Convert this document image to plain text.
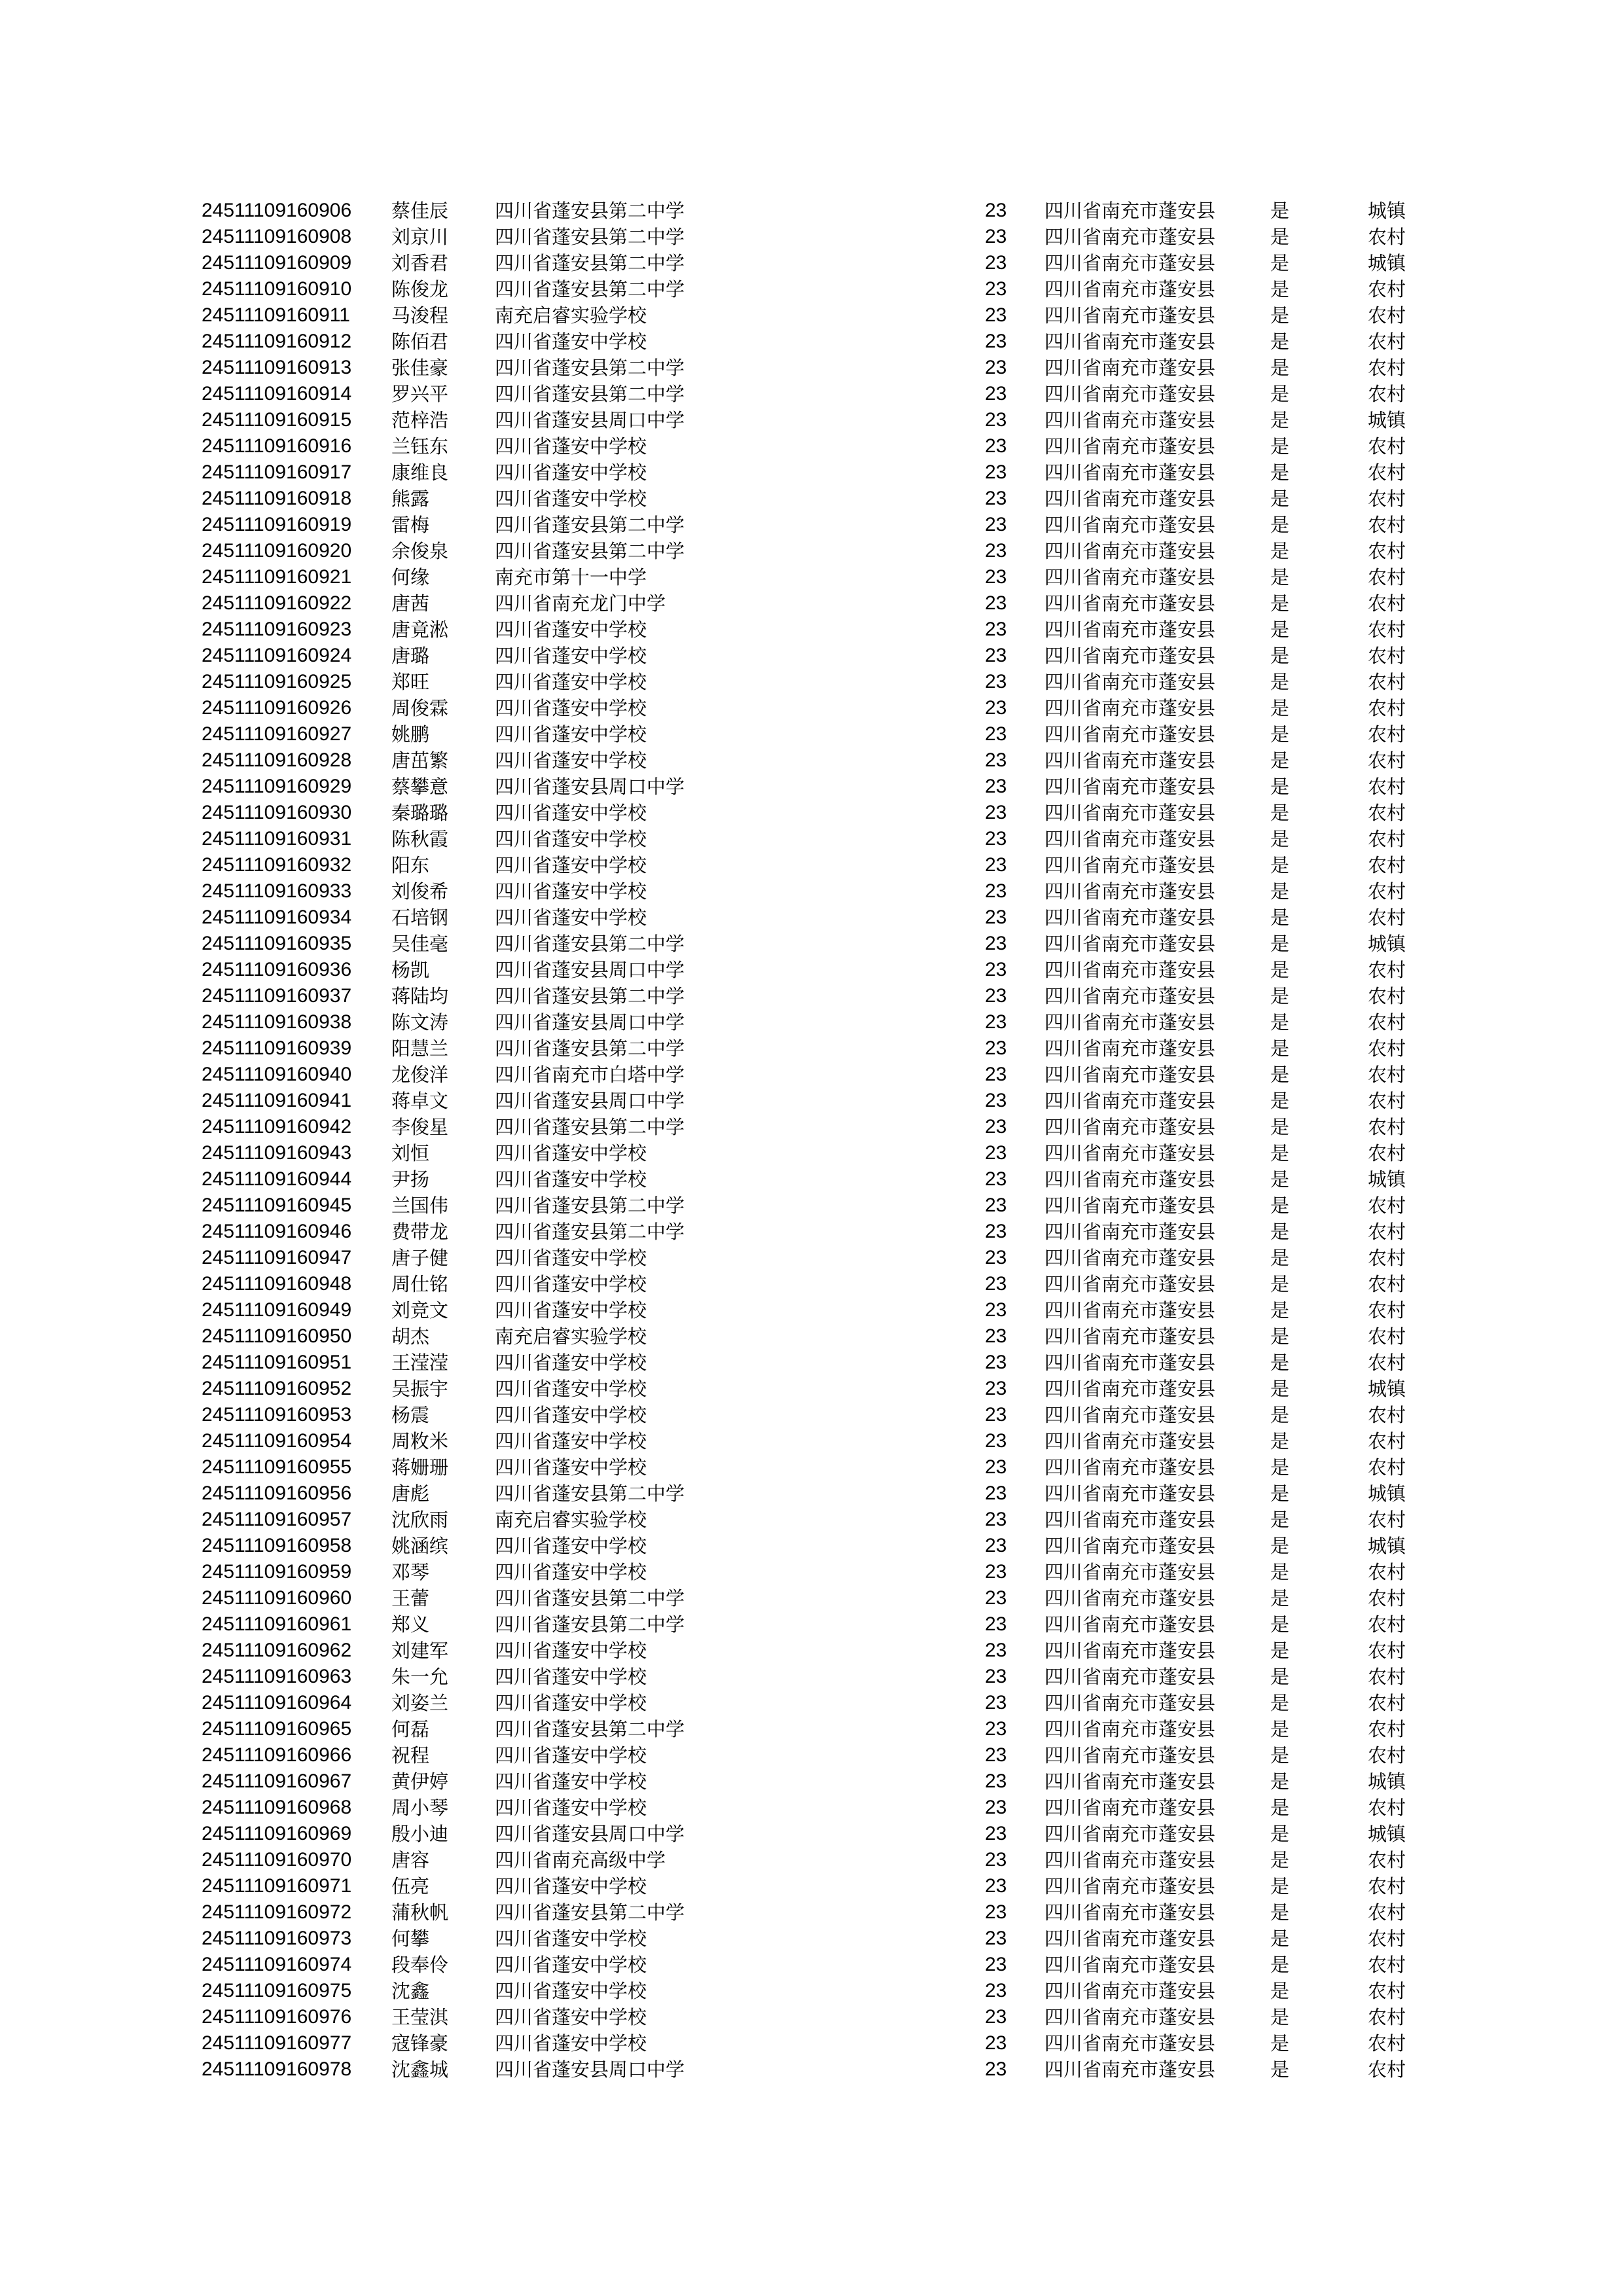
24511109160906 蔡佳辰 四川省蓬安县第二中学	23 四川省南充市蓬安县	是	城镇
24511109160908 刘京川 四川省蓬安县第二中学	23 四川省南充市蓬安县	是	农村
24511109160909 刘香君 四川省蓬安县第二中学	23 四川省南充市蓬安县	是	城镇
24511109160910 陈俊龙 四川省蓬安县第二中学	23 四川省南充市蓬安县	是	农村
24511109160911 马浚程 南充启睿实验学校	23 四川省南充市蓬安县	是	农村
24511109160912 陈佰君 四川省蓬安中学校	23 四川省南充市蓬安县	是	农村
24511109160913 张佳豪 四川省蓬安县第二中学	23 四川省南充市蓬安县	是	农村
24511109160914 罗兴平 四川省蓬安县第二中学	23 四川省南充市蓬安县	是	农村
24511109160915 范梓浩 四川省蓬安县周口中学	23 四川省南充市蓬安县	是	城镇
24511109160916 兰钰东 四川省蓬安中学校	23 四川省南充市蓬安县	是	农村
24511109160917 康维良 四川省蓬安中学校	23 四川省南充市蓬安县	是	农村
24511109160918 熊露	四川省蓬安中学校	23 四川省南充市蓬安县	是	农村
24511109160919 雷梅	四川省蓬安县第二中学	23 四川省南充市蓬安县	是	农村
24511109160920 余俊泉 四川省蓬安县第二中学	23 四川省南充市蓬安县	是	农村
24511109160921 何缘	南充市第十一中学	23 四川省南充市蓬安县	是	农村
24511109160922 唐茜	四川省南充龙门中学	23 四川省南充市蓬安县	是	农村
24511109160923 唐竟淞 四川省蓬安中学校	23 四川省南充市蓬安县	是	农村
24511109160924 唐璐	四川省蓬安中学校	23 四川省南充市蓬安县	是	农村
24511109160925 郑旺	四川省蓬安中学校	23 四川省南充市蓬安县	是	农村
24511109160926 周俊霖 四川省蓬安中学校	23 四川省南充市蓬安县	是	农村
24511109160927 姚鹏	四川省蓬安中学校	23 四川省南充市蓬安县	是	农村
24511109160928 唐茁繁 四川省蓬安中学校	23 四川省南充市蓬安县	是	农村
24511109160929 蔡攀意 四川省蓬安县周口中学	23 四川省南充市蓬安县	是	农村
24511109160930 秦璐璐 四川省蓬安中学校	23 四川省南充市蓬安县	是	农村
24511109160931 陈秋霞 四川省蓬安中学校	23 四川省南充市蓬安县	是	农村
24511109160932 阳东	四川省蓬安中学校	23 四川省南充市蓬安县	是	农村
24511109160933 刘俊希 四川省蓬安中学校	23 四川省南充市蓬安县	是	农村
24511109160934 石培钢 四川省蓬安中学校	23 四川省南充市蓬安县	是	农村
24511109160935 吴佳毫 四川省蓬安县第二中学	23 四川省南充市蓬安县	是	城镇
24511109160936 杨凯	四川省蓬安县周口中学	23 四川省南充市蓬安县	是	农村
24511109160937 蒋陆均 四川省蓬安县第二中学	23 四川省南充市蓬安县	是	农村
24511109160938 陈文涛 四川省蓬安县周口中学	23 四川省南充市蓬安县	是	农村
24511109160939 阳慧兰 四川省蓬安县第二中学	23 四川省南充市蓬安县	是	农村
24511109160940 龙俊洋 四川省南充市白塔中学	23 四川省南充市蓬安县	是	农村
24511109160941 蒋卓文 四川省蓬安县周口中学	23 四川省南充市蓬安县	是	农村
24511109160942 李俊星 四川省蓬安县第二中学	23 四川省南充市蓬安县	是	农村
24511109160943 刘恒	四川省蓬安中学校	23 四川省南充市蓬安县	是	农村
24511109160944 尹扬	四川省蓬安中学校	23 四川省南充市蓬安县	是	城镇
24511109160945 兰国伟 四川省蓬安县第二中学	23 四川省南充市蓬安县	是	农村
24511109160946 费带龙 四川省蓬安县第二中学	23 四川省南充市蓬安县	是	农村
24511109160947 唐子健 四川省蓬安中学校	23 四川省南充市蓬安县	是	农村
24511109160948 周仕铭 四川省蓬安中学校	23 四川省南充市蓬安县	是	农村
24511109160949 刘竞文 四川省蓬安中学校	23 四川省南充市蓬安县	是	农村
24511109160950 胡杰	南充启睿实验学校	23 四川省南充市蓬安县	是	农村
24511109160951 王滢滢 四川省蓬安中学校	23 四川省南充市蓬安县	是	农村
24511109160952 吴振宇 四川省蓬安中学校	23 四川省南充市蓬安县	是	城镇
24511109160953 杨震	四川省蓬安中学校	23 四川省南充市蓬安县	是	农村
24511109160954 周敉米 四川省蓬安中学校	23 四川省南充市蓬安县	是	农村
24511109160955 蒋姗珊 四川省蓬安中学校	23 四川省南充市蓬安县	是	农村
24511109160956 唐彪	四川省蓬安县第二中学	23 四川省南充市蓬安县	是	城镇
24511109160957 沈欣雨 南充启睿实验学校	23 四川省南充市蓬安县	是	农村
24511109160958 姚涵缤 四川省蓬安中学校	23 四川省南充市蓬安县	是	城镇
24511109160959 邓琴	四川省蓬安中学校	23 四川省南充市蓬安县	是	农村
24511109160960 王蕾	四川省蓬安县第二中学	23 四川省南充市蓬安县	是	农村
24511109160961 郑义	四川省蓬安县第二中学	23 四川省南充市蓬安县	是	农村
24511109160962 刘建军 四川省蓬安中学校	23 四川省南充市蓬安县	是	农村
24511109160963 朱一允 四川省蓬安中学校	23 四川省南充市蓬安县	是	农村
24511109160964 刘姿兰 四川省蓬安中学校	23 四川省南充市蓬安县	是	农村
24511109160965 何磊	四川省蓬安县第二中学	23 四川省南充市蓬安县	是	农村
24511109160966 祝程	四川省蓬安中学校	23 四川省南充市蓬安县	是	农村
24511109160967 黄伊婷 四川省蓬安中学校	23 四川省南充市蓬安县	是	城镇
24511109160968 周小琴 四川省蓬安中学校	23 四川省南充市蓬安县	是	农村
24511109160969 殷小迪 四川省蓬安县周口中学	23 四川省南充市蓬安县	是	城镇
24511109160970 唐容	四川省南充高级中学	23 四川省南充市蓬安县	是	农村
24511109160971 伍亮	四川省蓬安中学校	23 四川省南充市蓬安县	是	农村
24511109160972 蒲秋帆 四川省蓬安县第二中学	23 四川省南充市蓬安县	是	农村
24511109160973 何攀	四川省蓬安中学校	23 四川省南充市蓬安县	是	农村
24511109160974 段奉伶 四川省蓬安中学校	23 四川省南充市蓬安县	是	农村
24511109160975 沈鑫	四川省蓬安中学校	23 四川省南充市蓬安县	是	农村
24511109160976 王莹淇 四川省蓬安中学校	23 四川省南充市蓬安县	是	农村
24511109160977 寇锋豪 四川省蓬安中学校	23 四川省南充市蓬安县	是	农村
24511109160978 沈鑫城 四川省蓬安县周口中学	23 四川省南充市蓬安县	是	农村
